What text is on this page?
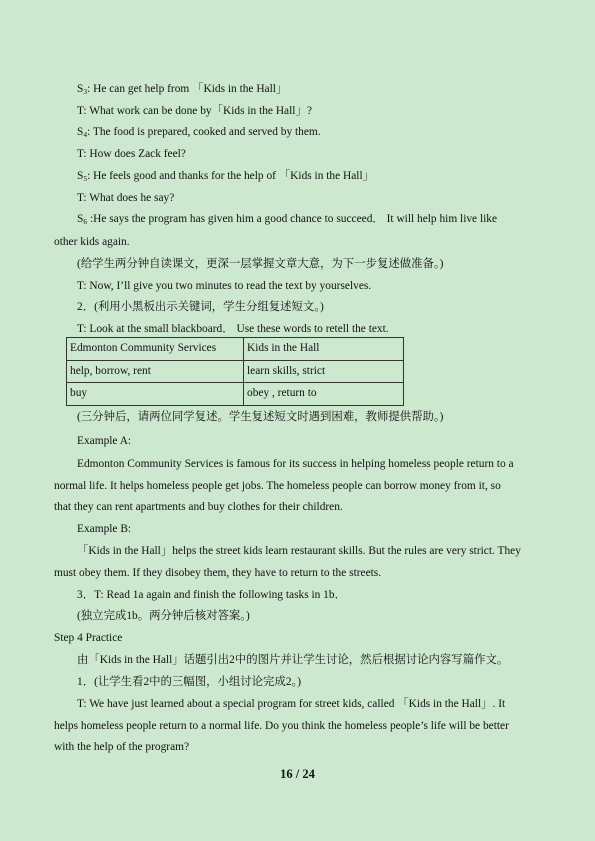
$S_3$: He can get help from 「Kids in the Hall」
T: What work can be done by「Kids in the Hall」?
$S_4$: The food is prepared, cooked and served by them.
T: How does Zack feel?
$S_5$: He feels good and thanks for the help of 「Kids in the Hall」
T: What does he say?
$S_6$ :He says the program has given him a good chance to succeed． It will help him live like
other kids again.
(给学生两分钟自读课文，更深一层掌握文章大意，为下一步复述做准备。)
T: Now, I’ll give you two minutes to read the text by yourselves.
2．(利用小黑板出示关键词，学生分组复述短文。)
T: Look at the small blackboard． Use these words to retell the text.
Edmonton Community Services	Kids in the Hall
help, borrow, rent	learn skills, strict
buy	obey , return to
(三分钟后，请两位同学复述。学生复述短文时遇到困难，教师提供帮助。)
Example A:
Edmonton Community Services is famous for its success in helping homeless people return to a
normal life. It helps homeless people get jobs. The homeless people can borrow money from it, so
that they can rent apartments and buy clothes for their children.
Example B:
「Kids in the Hall」helps the street kids learn restaurant skills. But the rules are very strict. They
must obey them. If they disobey them, they have to return to the streets.
3．T: Read 1a again and finish the following tasks in 1b．
(独立完成1b。两分钟后核对答案。)
Step 4 Practice
由「Kids in the Hall」话题引出2中的图片并让学生讨论，然后根据讨论内容写篇作文。
1．(让学生看2中的三幅图，小组讨论完成2。)
T: We have just learned about a special program for street kids, called 「Kids in the Hall」. It
helps homeless people return to a normal life. Do you think the homeless people’s life will be better
with the help of the program?
16 / 24
